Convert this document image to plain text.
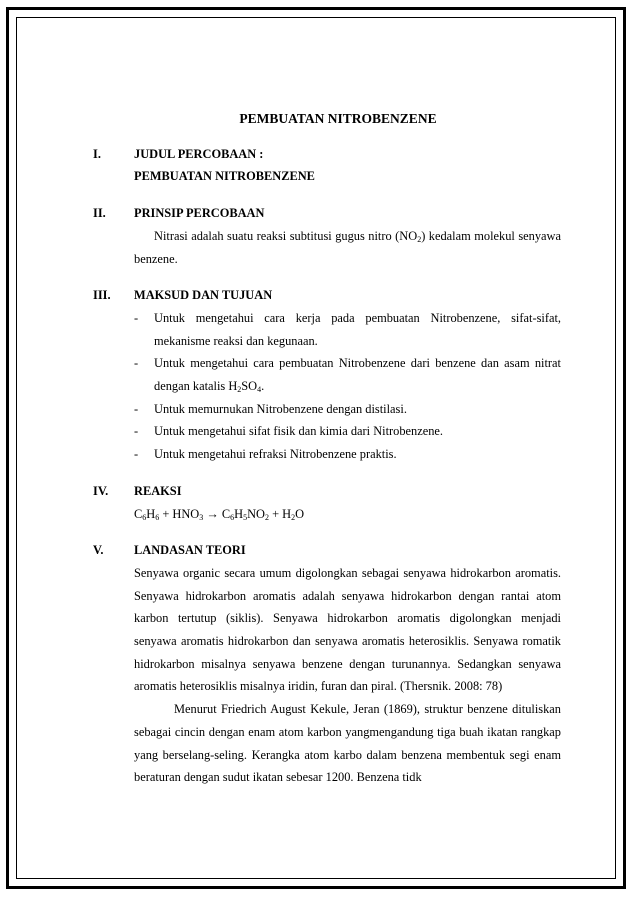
PEMBUATAN NITROBENZENE

I.	JUDUL PERCOBAAN :
PEMBUATAN NITROBENZENE
II. PRINSIP PERCOBAAN

Nitrasi adalah suatu reaksi subtitusi gugus nitro $(NO_2)$ kedalam molekul senyawa benzene.

III. MAKSUD DAN TUJUAN
- Untuk mengetahui cara kerja pada pembuatan Nitrobenzene, sifat-sifat, mekanisme reaksi dan kegunaan.
- Untuk mengetahui cara pembuatan Nitrobenzene dari benzene dan asam nitrat dengan katalis $H_2SO_4$.
- Untuk memurnukan Nitrobenzene dengan distilasi.
- Untuk mengetahui sifat fisik dan kimia dari Nitrobenzene.
- Untuk mengetahui refraksi Nitrobenzene praktis.
IV. REAKSI

$C_6H_6 + HNO_3 \to C_6H_5NO_2 + H_2O$

V. LANDASAN TEORI

Senyawa organic secara umum digolongkan sebagai senyawa hidrokarbon aromatis. Senyawa hidrokarbon aromatis adalah senyawa hidrokarbon dengan rantai atom karbon tertutup (siklis). Senyawa hidrokarbon aromatis digolongkan menjadi senyawa aromatis hidrokarbon dan senyawa aromatis heterosiklis. Senyawa romatik hidrokarbon misalnya senyawa benzene dengan turunannya. Sedangkan senyawa aromatis heterosiklis misalnya iridin, furan dan piral. (Thersnik. 2008: 78)

Menurut Friedrich August Kekule, Jeran (1869), struktur benzene dituliskan sebagai cincin dengan enam atom karbon yangmengandung tiga buah ikatan rangkap yang berselang-seling. Kerangka atom karbo dalam benzena membentuk segi enam beraturan dengan sudut ikatan sebesar 1200. Benzena tidk
